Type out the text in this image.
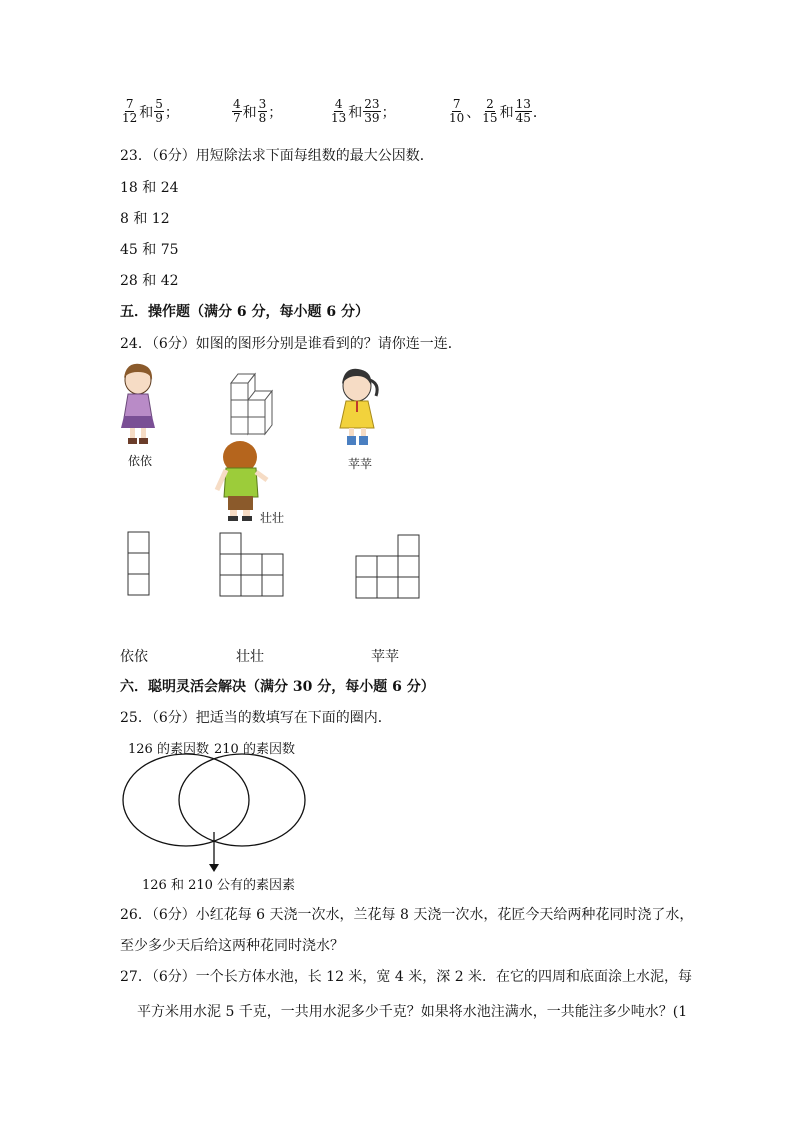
$\frac{7}{12}$ 和 $\frac{5}{9}$ ；	$\frac{4}{7}$ 和 $\frac{3}{8}$ ；	$\frac{4}{13}$ 和 $\frac{23}{39}$ ；	$\frac{7}{10}$ 、 $\frac{2}{15}$ 和 $\frac{13}{45}$ ．
23．（6分）用短除法求下面每组数的最大公因数．
18 和 24
8 和 12
45 和 75
28 和 42
五．操作题（满分 6 分，每小题 6 分）
24．（6分）如图的图形分别是谁看到的？请你连一连．
依依	苹苹
壮壮
依依	壮壮	苹苹
六．聪明灵活会解决（满分 30 分，每小题 6 分）
25．（6分）把适当的数填写在下面的圈内．
126 的素因数 210 的素因数
126 和 210 公有的素因素
26．（6分）小红花每 6 天浇一次水，兰花每 8 天浇一次水，花匠今天给两种花同时浇了水，
至少多少天后给这两种花同时浇水？
27．（6分）一个长方体水池，长 12 米，宽 4 米，深 2 米．在它的四周和底面涂上水泥，每
平方米用水泥 5 千克，一共用水泥多少千克？如果将水池注满水，一共能注多少吨水？(1
